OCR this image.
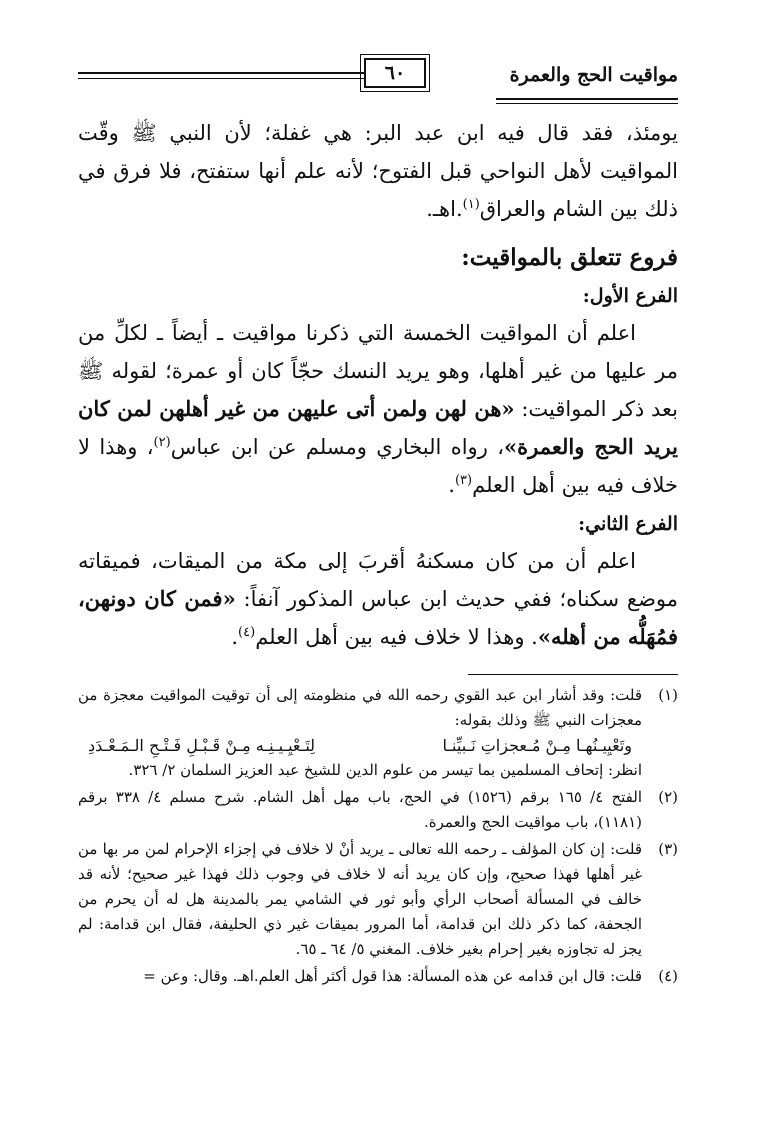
مواقيت الحج والعمرة
٦٠

يومئذ، فقد قال فيه ابن عبد البر: هي غفلة؛ لأن النبي ﷺ وقّت المواقيت لأهل النواحي قبل الفتوح؛ لأنه علم أنها ستفتح، فلا فرق في ذلك بين الشام والعراق$^{(١)}$.اهـ.

فروع تتعلق بالمواقيت:
الفرع الأول:

اعلم أن المواقيت الخمسة التي ذكرنا مواقيت ـ أيضاً ـ لكلِّ من مر عليها من غير أهلها، وهو يريد النسك حجّاً كان أو عمرة؛ لقوله ﷺ بعد ذكر المواقيت: «هن لهن ولمن أتى عليهن من غير أهلهن لمن كان يريد الحج والعمرة»، رواه البخاري ومسلم عن ابن عباس$^{(٢)}$، وهذا لا خلاف فيه بين أهل العلم$^{(٣)}$.

الفرع الثاني:

اعلم أن من كان مسكنهُ أقربَ إلى مكة من الميقات، فميقاته موضع سكناه؛ ففي حديث ابن عباس المذكور آنفاً: «فمن كان دونهن، فمُهَلُّه من أهله». وهذا لا خلاف فيه بين أهل العلم$^{(٤)}$.

(١)
قلت: وقد أشار ابن عبد القوي رحمه الله في منظومته إلى أن توقيت المواقيت معجزة من معجزات النبي ﷺ وذلك بقوله:
وتَعْيِيـنُهـا مِـنْ مُـعجزاتِ نَـبيِّنـا
لِتَـعْيِـيـنِـه مِـنْ قَـبْـلِ فَـتْـحِ الـمَـعْـدَدِ
انظر: إتحاف المسلمين بما تيسر من علوم الدين للشيخ عبد العزيز السلمان ٢/ ٣٢٦.
(٢)
الفتح ٤/ ١٦٥ برقم (١٥٢٦) في الحج، باب مهل أهل الشام. شرح مسلم ٤/ ٣٣٨ برقم (١١٨١)، باب مواقيت الحج والعمرة.
(٣)
قلت: إن كان المؤلف ـ رحمه الله تعالى ـ يريد أنْ لا خلاف في إجزاء الإحرام لمن مر بها من غير أهلها فهذا صحيح، وإن كان يريد أنه لا خلاف في وجوب ذلك فهذا غير صحيح؛ لأنه قد خالف في المسألة أصحاب الرأي وأبو ثور في الشامي يمر بالمدينة هل له أن يحرم من الجحفة، كما ذكر ذلك ابن قدامة، أما المرور بميقات غير ذي الحليفة، فقال ابن قدامة: لم يجز له تجاوزه بغير إحرام بغير خلاف. المغني ٥/ ٦٤ ـ ٦٥.
(٤)
قلت: قال ابن قدامه عن هذه المسألة: هذا قول أكثر أهل العلم.اهـ. وقال: وعن =
